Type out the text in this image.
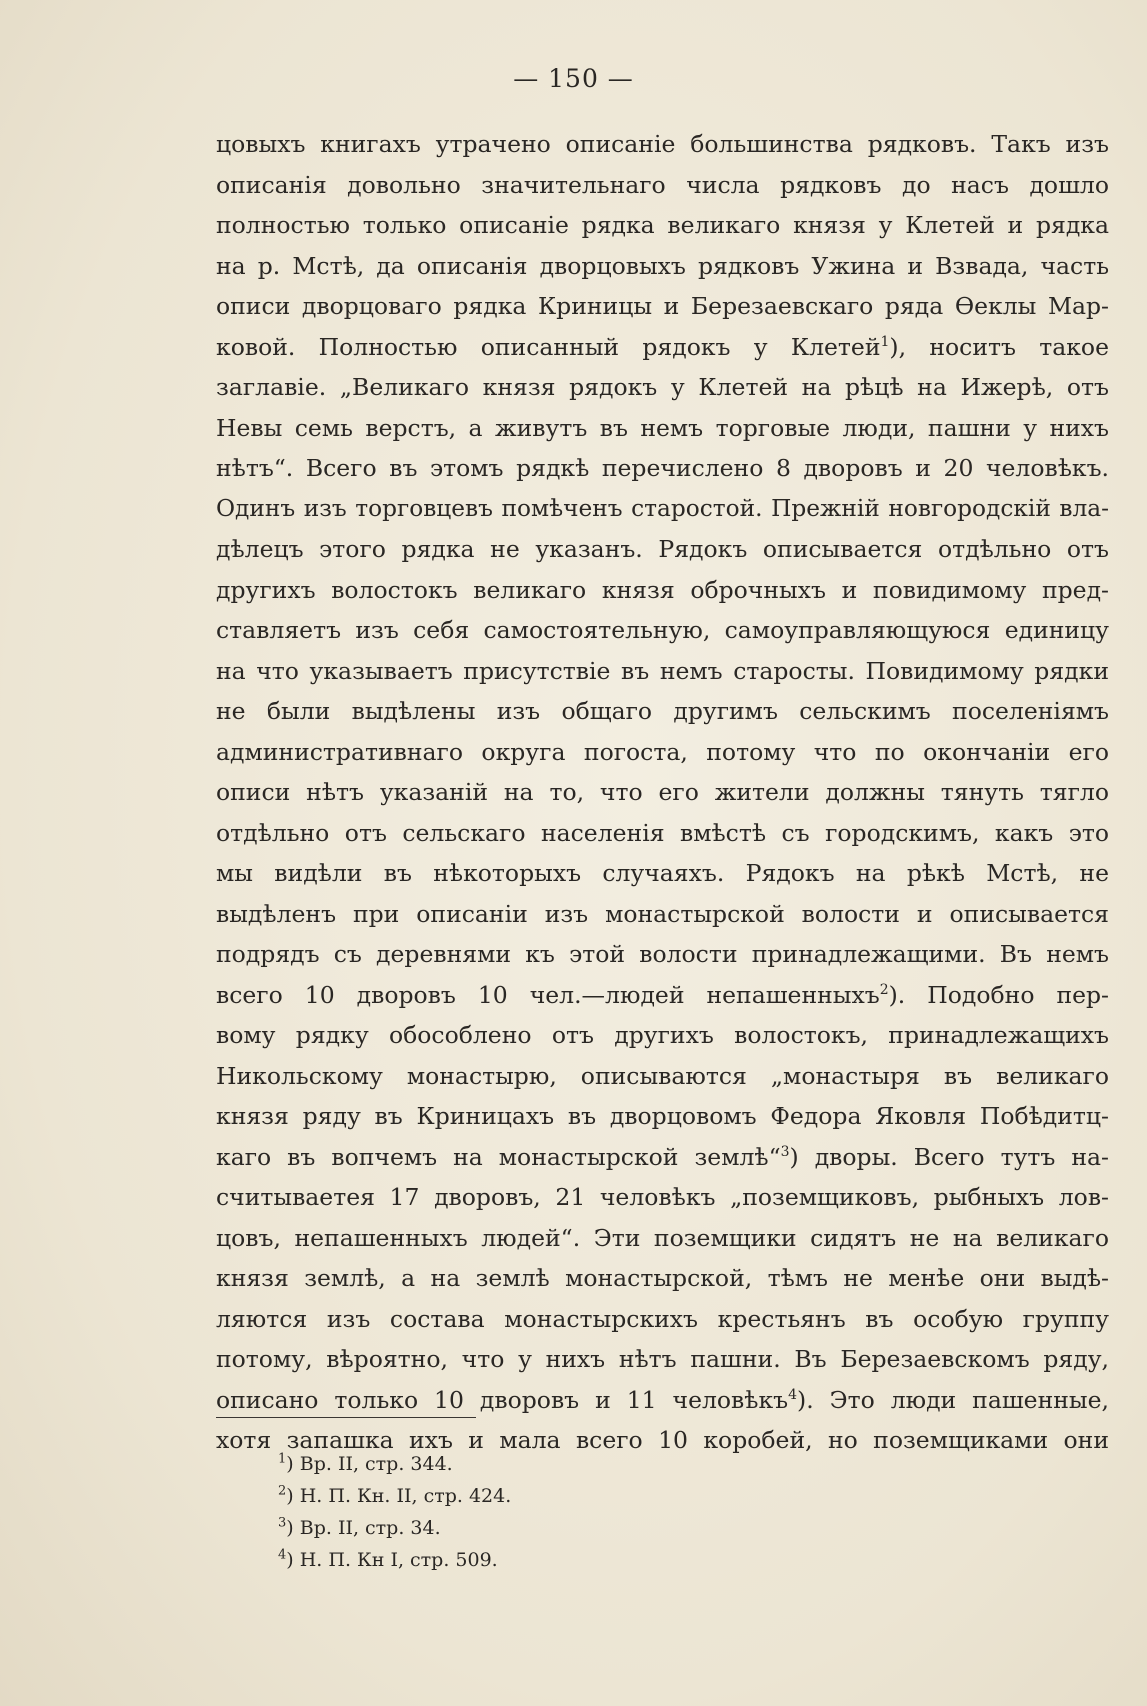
— 150 —
цовыхъ книгахъ утрачено описаніе большинства рядковъ. Такъ изъ
описанія довольно значительнаго числа рядковъ до насъ дошло
полностью только описаніе рядка великаго князя у Клетей и рядка
на р. Мстѣ, да описанія дворцовыхъ рядковъ Ужина и Взвада, часть
описи дворцоваго рядка Криницы и Березаевскаго ряда Ѳеклы Мар-
ковой. Полностью описанный рядокъ у Клетей$^1$), носитъ такое
заглавіе. „Великаго князя рядокъ у Клетей на рѣцѣ на Ижерѣ, отъ
Невы семь верстъ, а живутъ въ немъ торговые люди, пашни у нихъ
нѣтъ“. Всего въ этомъ рядкѣ перечислено 8 дворовъ и 20 человѣкъ.
Одинъ изъ торговцевъ помѣченъ старостой. Прежній новгородскій вла-
дѣлецъ этого рядка не указанъ. Рядокъ описывается отдѣльно отъ
другихъ волостокъ великаго князя оброчныхъ и повидимому пред-
ставляетъ изъ себя самостоятельную, самоуправляющуюся единицу
на что указываетъ присутствіе въ немъ старосты. Повидимому рядки
не были выдѣлены изъ общаго другимъ сельскимъ поселеніямъ
административнаго округа погоста, потому что по окончаніи его
описи нѣтъ указаній на то, что его жители должны тянуть тягло
отдѣльно отъ сельскаго населенія вмѣстѣ съ городскимъ, какъ это
мы видѣли въ нѣкоторыхъ случаяхъ. Рядокъ на рѣкѣ Мстѣ, не
выдѣленъ при описаніи изъ монастырской волости и описывается
подрядъ съ деревнями къ этой волости принадлежащими. Въ немъ
всего 10 дворовъ 10 чел.—людей непашенныхъ$^2$). Подобно пер-
вому рядку обособлено отъ другихъ волостокъ, принадлежащихъ
Никольскому монастырю, описываются „монастыря въ великаго
князя ряду въ Криницахъ въ дворцовомъ Федора Яковля Побѣдитц-
каго въ вопчемъ на монастырской землѣ“$^3$) дворы. Всего тутъ на-
считываетея 17 дворовъ, 21 человѣкъ „поземщиковъ, рыбныхъ лов-
цовъ, непашенныхъ людей“. Эти поземщики сидятъ не на великаго
князя землѣ, а на землѣ монастырской, тѣмъ не менѣе они выдѣ-
ляются изъ состава монастырскихъ крестьянъ въ особую группу
потому, вѣроятно, что у нихъ нѣтъ пашни. Въ Березаевскомъ ряду,
описано только 10 дворовъ и 11 человѣкъ$^4$). Это люди пашенные,
хотя запашка ихъ и мала всего 10 коробей, но поземщиками они
$^1$) Вр. II, стр. 344.
$^2$) Н. П. Кн. II, стр. 424.
$^3$) Вр. II, стр. 34.
$^4$) Н. П. Кн I, стр. 509.
